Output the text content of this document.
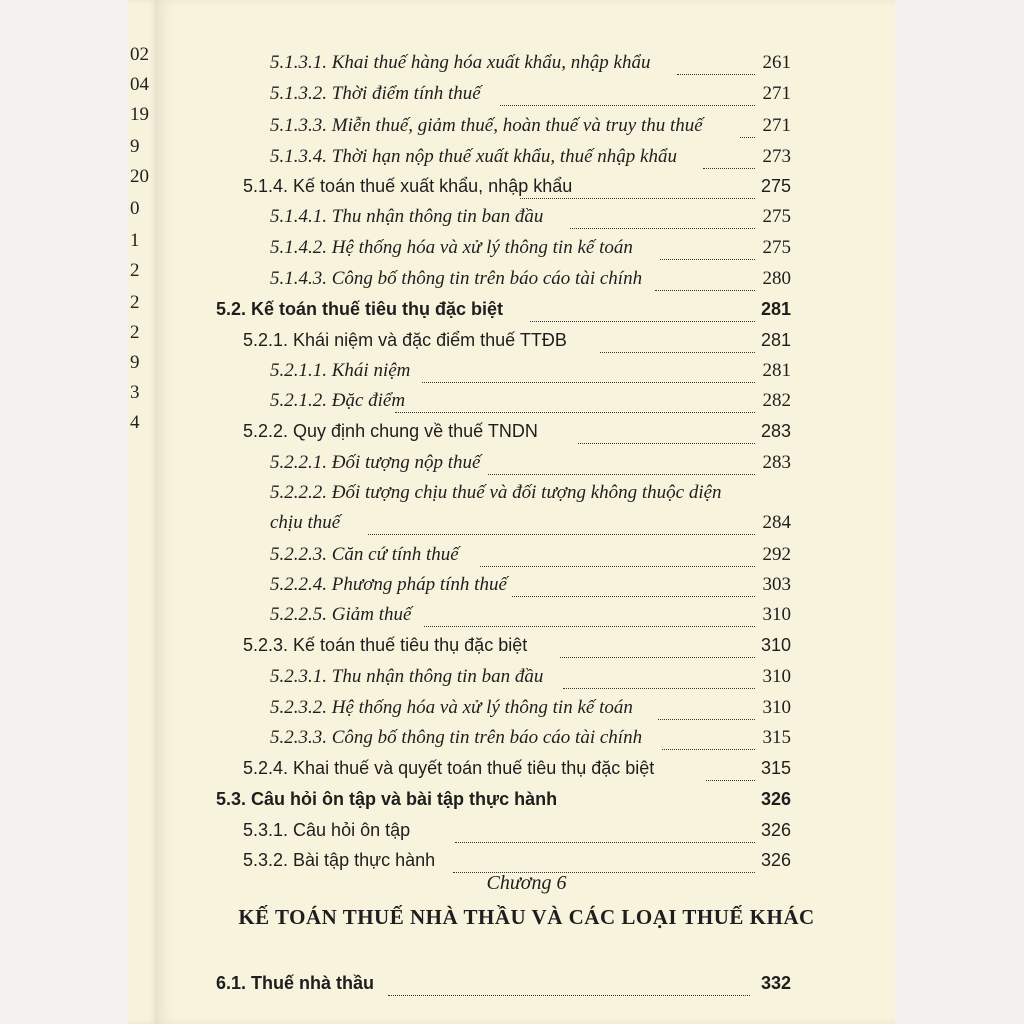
02
04
19
9
20
0
1
2
2
2
9
3
4
5.1.3.1. Khai thuế hàng hóa xuất khẩu, nhập khẩu	261
5.1.3.2. Thời điểm tính thuế	271
5.1.3.3. Miễn thuế, giảm thuế, hoàn thuế và truy thu thuế	271
5.1.3.4. Thời hạn nộp thuế xuất khẩu, thuế nhập khẩu	273
5.1.4. Kế toán thuế xuất khẩu, nhập khẩu	275
5.1.4.1. Thu nhận thông tin ban đầu	275
5.1.4.2. Hệ thống hóa và xử lý thông tin kế toán	275
5.1.4.3. Công bố thông tin trên báo cáo tài chính	280
5.2. Kế toán thuế tiêu thụ đặc biệt	281
5.2.1. Khái niệm và đặc điểm thuế TTĐB	281
5.2.1.1. Khái niệm	281
5.2.1.2. Đặc điểm	282
5.2.2. Quy định chung về thuế TNDN	283
5.2.2.1. Đối tượng nộp thuế	283
5.2.2.2. Đối tượng chịu thuế và đối tượng không thuộc diện
chịu thuế	284
5.2.2.3. Căn cứ tính thuế	292
5.2.2.4. Phương pháp tính thuế	303
5.2.2.5. Giảm thuế	310
5.2.3. Kế toán thuế tiêu thụ đặc biệt	310
5.2.3.1. Thu nhận thông tin ban đầu	310
5.2.3.2. Hệ thống hóa và xử lý thông tin kế toán	310
5.2.3.3. Công bố thông tin trên báo cáo tài chính	315
5.2.4. Khai thuế và quyết toán thuế tiêu thụ đặc biệt	315
5.3. Câu hỏi ôn tập và bài tập thực hành	326
5.3.1. Câu hỏi ôn tập	326
5.3.2. Bài tập thực hành	326
Chương 6
KẾ TOÁN THUẾ NHÀ THẦU VÀ CÁC LOẠI THUẾ KHÁC
6.1. Thuế nhà thầu	332
